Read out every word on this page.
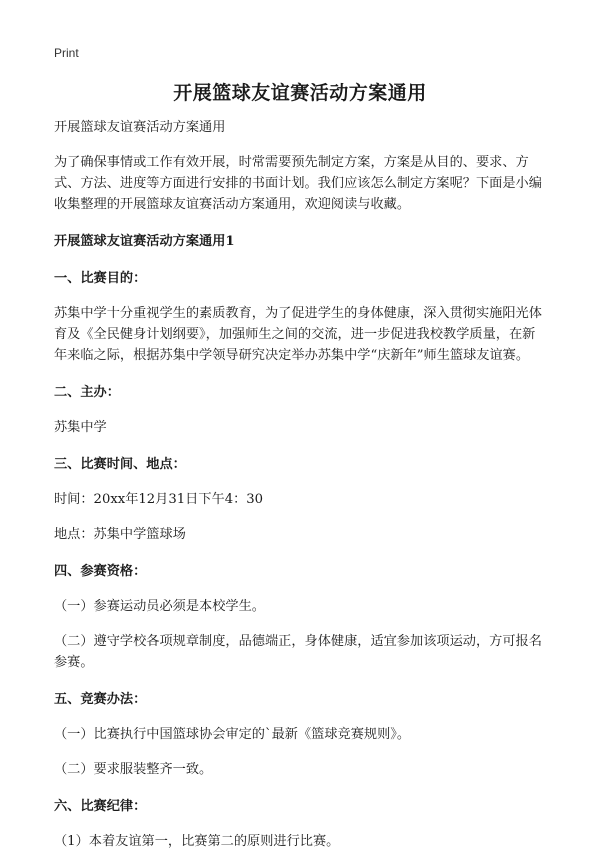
Print
开展篮球友谊赛活动方案通用

开展篮球友谊赛活动方案通用

为了确保事情或工作有效开展，时常需要预先制定方案，方案是从目的、要求、方式、方法、进度等方面进行安排的书面计划。我们应该怎么制定方案呢？下面是小编收集整理的开展篮球友谊赛活动方案通用，欢迎阅读与收藏。

开展篮球友谊赛活动方案通用1

一、比赛目的：

苏集中学十分重视学生的素质教育，为了促进学生的身体健康，深入贯彻实施阳光体育及《全民健身计划纲要》，加强师生之间的交流，进一步促进我校教学质量，在新年来临之际，根据苏集中学领导研究决定举办苏集中学“庆新年”师生篮球友谊赛。

二、主办：

苏集中学

三、比赛时间、地点：

时间：20xx年12月31日下午4：30

地点：苏集中学篮球场

四、参赛资格：

（一）参赛运动员必须是本校学生。

（二）遵守学校各项规章制度，品德端正，身体健康，适宜参加该项运动，方可报名参赛。

五、竞赛办法：

（一）比赛执行中国篮球协会审定的`最新《篮球竞赛规则》。

（二）要求服装整齐一致。

六、比赛纪律：

（1）本着友谊第一，比赛第二的原则进行比赛。
